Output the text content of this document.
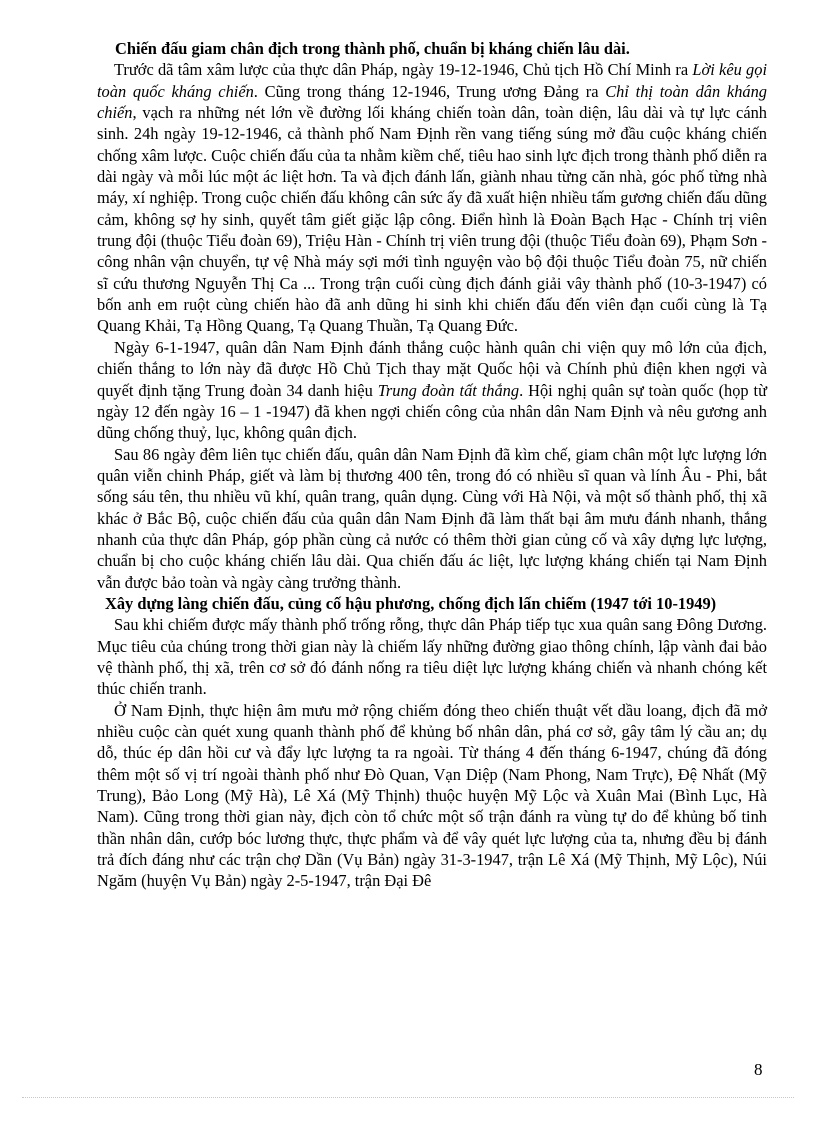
Chiến đấu giam chân địch trong thành phố, chuẩn bị kháng chiến lâu dài.

Trước dã tâm xâm lược của thực dân Pháp, ngày 19-12-1946, Chủ tịch Hồ Chí Minh ra Lời kêu gọi toàn quốc kháng chiến. Cũng trong tháng 12-1946, Trung ương Đảng ra Chỉ thị toàn dân kháng chiến, vạch ra những nét lớn về đường lối kháng chiến toàn dân, toàn diện, lâu dài và tự lực cánh sinh. 24h ngày 19-12-1946, cả thành phố Nam Định rền vang tiếng súng mở đầu cuộc kháng chiến chống xâm lược. Cuộc chiến đấu của ta nhằm kiềm chế, tiêu hao sinh lực địch trong thành phố diễn ra dài ngày và mỗi lúc một ác liệt hơn. Ta và địch đánh lấn, giành nhau từng căn nhà, góc phố từng nhà máy, xí nghiệp. Trong cuộc chiến đấu không cân sức ấy đã xuất hiện nhiều tấm gương chiến đấu dũng cảm, không sợ hy sinh, quyết tâm giết giặc lập công. Điển hình là Đoàn Bạch Hạc - Chính trị viên trung đội (thuộc Tiểu đoàn 69), Triệu Hàn - Chính trị viên trung đội (thuộc Tiểu đoàn 69), Phạm Sơn - công nhân vận chuyển, tự vệ Nhà máy sợi mới tình nguyện vào bộ đội thuộc Tiểu đoàn 75, nữ chiến sĩ cứu thương Nguyễn Thị Ca ... Trong trận cuối cùng địch đánh giải vây thành phố (10-3-1947) có bốn anh em ruột cùng chiến hào đã anh dũng hi sinh khi chiến đấu đến viên đạn cuối cùng là Tạ Quang Khải, Tạ Hồng Quang, Tạ Quang Thuần, Tạ Quang Đức.

Ngày 6-1-1947, quân dân Nam Định đánh thắng cuộc hành quân chi viện quy mô lớn của địch, chiến thắng to lớn này đã được Hồ Chủ Tịch thay mặt Quốc hội và Chính phủ điện khen ngợi và quyết định tặng Trung đoàn 34 danh hiệu Trung đoàn tất thắng. Hội nghị quân sự toàn quốc (họp từ ngày 12 đến ngày 16 – 1 -1947) đã khen ngợi chiến công của nhân dân Nam Định và nêu gương anh dũng chống thuỷ, lục, không quân địch.

Sau 86 ngày đêm liên tục chiến đấu, quân dân Nam Định đã kìm chế, giam chân một lực lượng lớn quân viễn chinh Pháp, giết và làm bị thương 400 tên, trong đó có nhiều sĩ quan và lính Âu - Phi, bắt sống sáu tên, thu nhiều vũ khí, quân trang, quân dụng. Cùng với Hà Nội, và một số thành phố, thị xã khác ở Bắc Bộ, cuộc chiến đấu của quân dân Nam Định đã làm thất bại âm mưu đánh nhanh, thắng nhanh của thực dân Pháp, góp phần cùng cả nước có thêm thời gian củng cố và xây dựng lực lượng, chuẩn bị cho cuộc kháng chiến lâu dài. Qua chiến đấu ác liệt, lực lượng kháng chiến tại Nam Định vẫn được bảo toàn và ngày càng trưởng thành.

Xây dựng làng chiến đấu, củng cố hậu phương, chống địch lấn chiếm (1947 tới 10-1949)

Sau khi chiếm được mấy thành phố trống rỗng, thực dân Pháp tiếp tục xua quân sang Đông Dương. Mục tiêu của chúng trong thời gian này là chiếm lấy những đường giao thông chính, lập vành đai bảo vệ thành phố, thị xã, trên cơ sở đó đánh nống ra tiêu diệt lực lượng kháng chiến và nhanh chóng kết thúc chiến tranh.

Ở Nam Định, thực hiện âm mưu mở rộng chiếm đóng theo chiến thuật vết dầu loang, địch đã mở nhiều cuộc càn quét xung quanh thành phố để khủng bố nhân dân, phá cơ sở, gây tâm lý cầu an; dụ dỗ, thúc ép dân hồi cư và đẩy lực lượng ta ra ngoài. Từ tháng 4 đến tháng 6-1947, chúng đã đóng thêm một số vị trí ngoài thành phố như Đò Quan, Vạn Diệp (Nam Phong, Nam Trực), Đệ Nhất (Mỹ Trung), Bảo Long (Mỹ Hà), Lê Xá (Mỹ Thịnh) thuộc huyện Mỹ Lộc và Xuân Mai (Bình Lục, Hà Nam). Cũng trong thời gian này, địch còn tổ chức một số trận đánh ra vùng tự do để khủng bố tinh thần nhân dân, cướp bóc lương thực, thực phẩm và để vây quét lực lượng của ta, nhưng đều bị đánh trả đích đáng như các trận chợ Dần (Vụ Bản) ngày 31-3-1947, trận Lê Xá (Mỹ Thịnh, Mỹ Lộc), Núi Ngăm (huyện Vụ Bản) ngày 2-5-1947, trận Đại Đê

8
